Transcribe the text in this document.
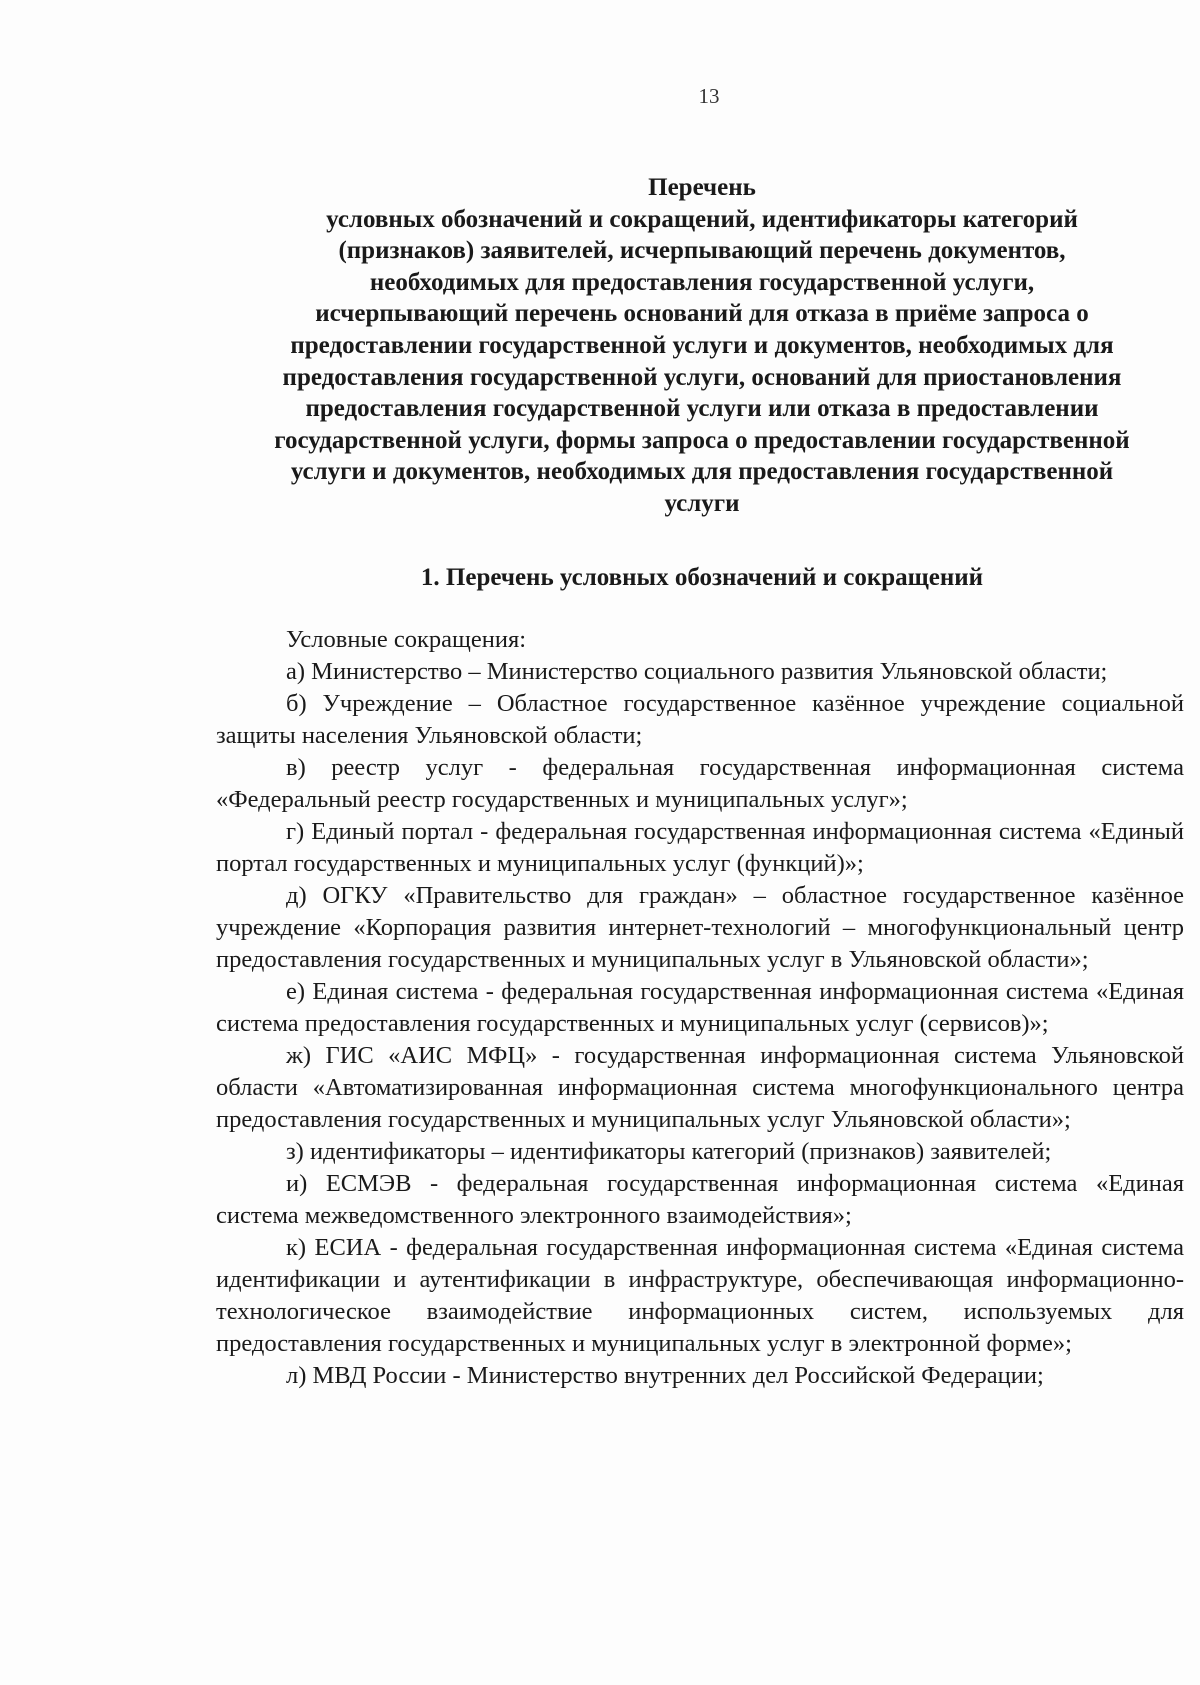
13
Перечень
условных обозначений и сокращений, идентификаторы категорий
(признаков) заявителей, исчерпывающий перечень документов,
необходимых для предоставления государственной услуги,
исчерпывающий перечень оснований для отказа в приёме запроса о
предоставлении государственной услуги и документов, необходимых для
предоставления государственной услуги, оснований для приостановления
предоставления государственной услуги или отказа в предоставлении
государственной услуги, формы запроса о предоставлении государственной
услуги и документов, необходимых для предоставления государственной
услуги
1. Перечень условных обозначений и сокращений

Условные сокращения:

а) Министерство – Министерство социального развития Ульяновской области;

б) Учреждение – Областное государственное казённое учреждение социальной защиты населения Ульяновской области;

в) реестр услуг - федеральная государственная информационная система «Федеральный реестр государственных и муниципальных услуг»;

г) Единый портал - федеральная государственная информационная система «Единый портал государственных и муниципальных услуг (функций)»;

д) ОГКУ «Правительство для граждан» – областное государственное казённое учреждение «Корпорация развития интернет-технологий – многофункциональный центр предоставления государственных и муниципальных услуг в Ульяновской области»;

е) Единая система - федеральная государственная информационная система «Единая система предоставления государственных и муниципальных услуг (сервисов)»;

ж) ГИС «АИС МФЦ» - государственная информационная система Ульяновской области «Автоматизированная информационная система многофункционального центра предоставления государственных и муниципальных услуг Ульяновской области»;

з) идентификаторы – идентификаторы категорий (признаков) заявителей;

и) ЕСМЭВ - федеральная государственная информационная система «Единая система межведомственного электронного взаимодействия»;

к) ЕСИА - федеральная государственная информационная система «Единая система идентификации и аутентификации в инфраструктуре, обеспечивающая информационно-технологическое взаимодействие информационных систем, используемых для предоставления государственных и муниципальных услуг в электронной форме»;

л) МВД России - Министерство внутренних дел Российской Федерации;
